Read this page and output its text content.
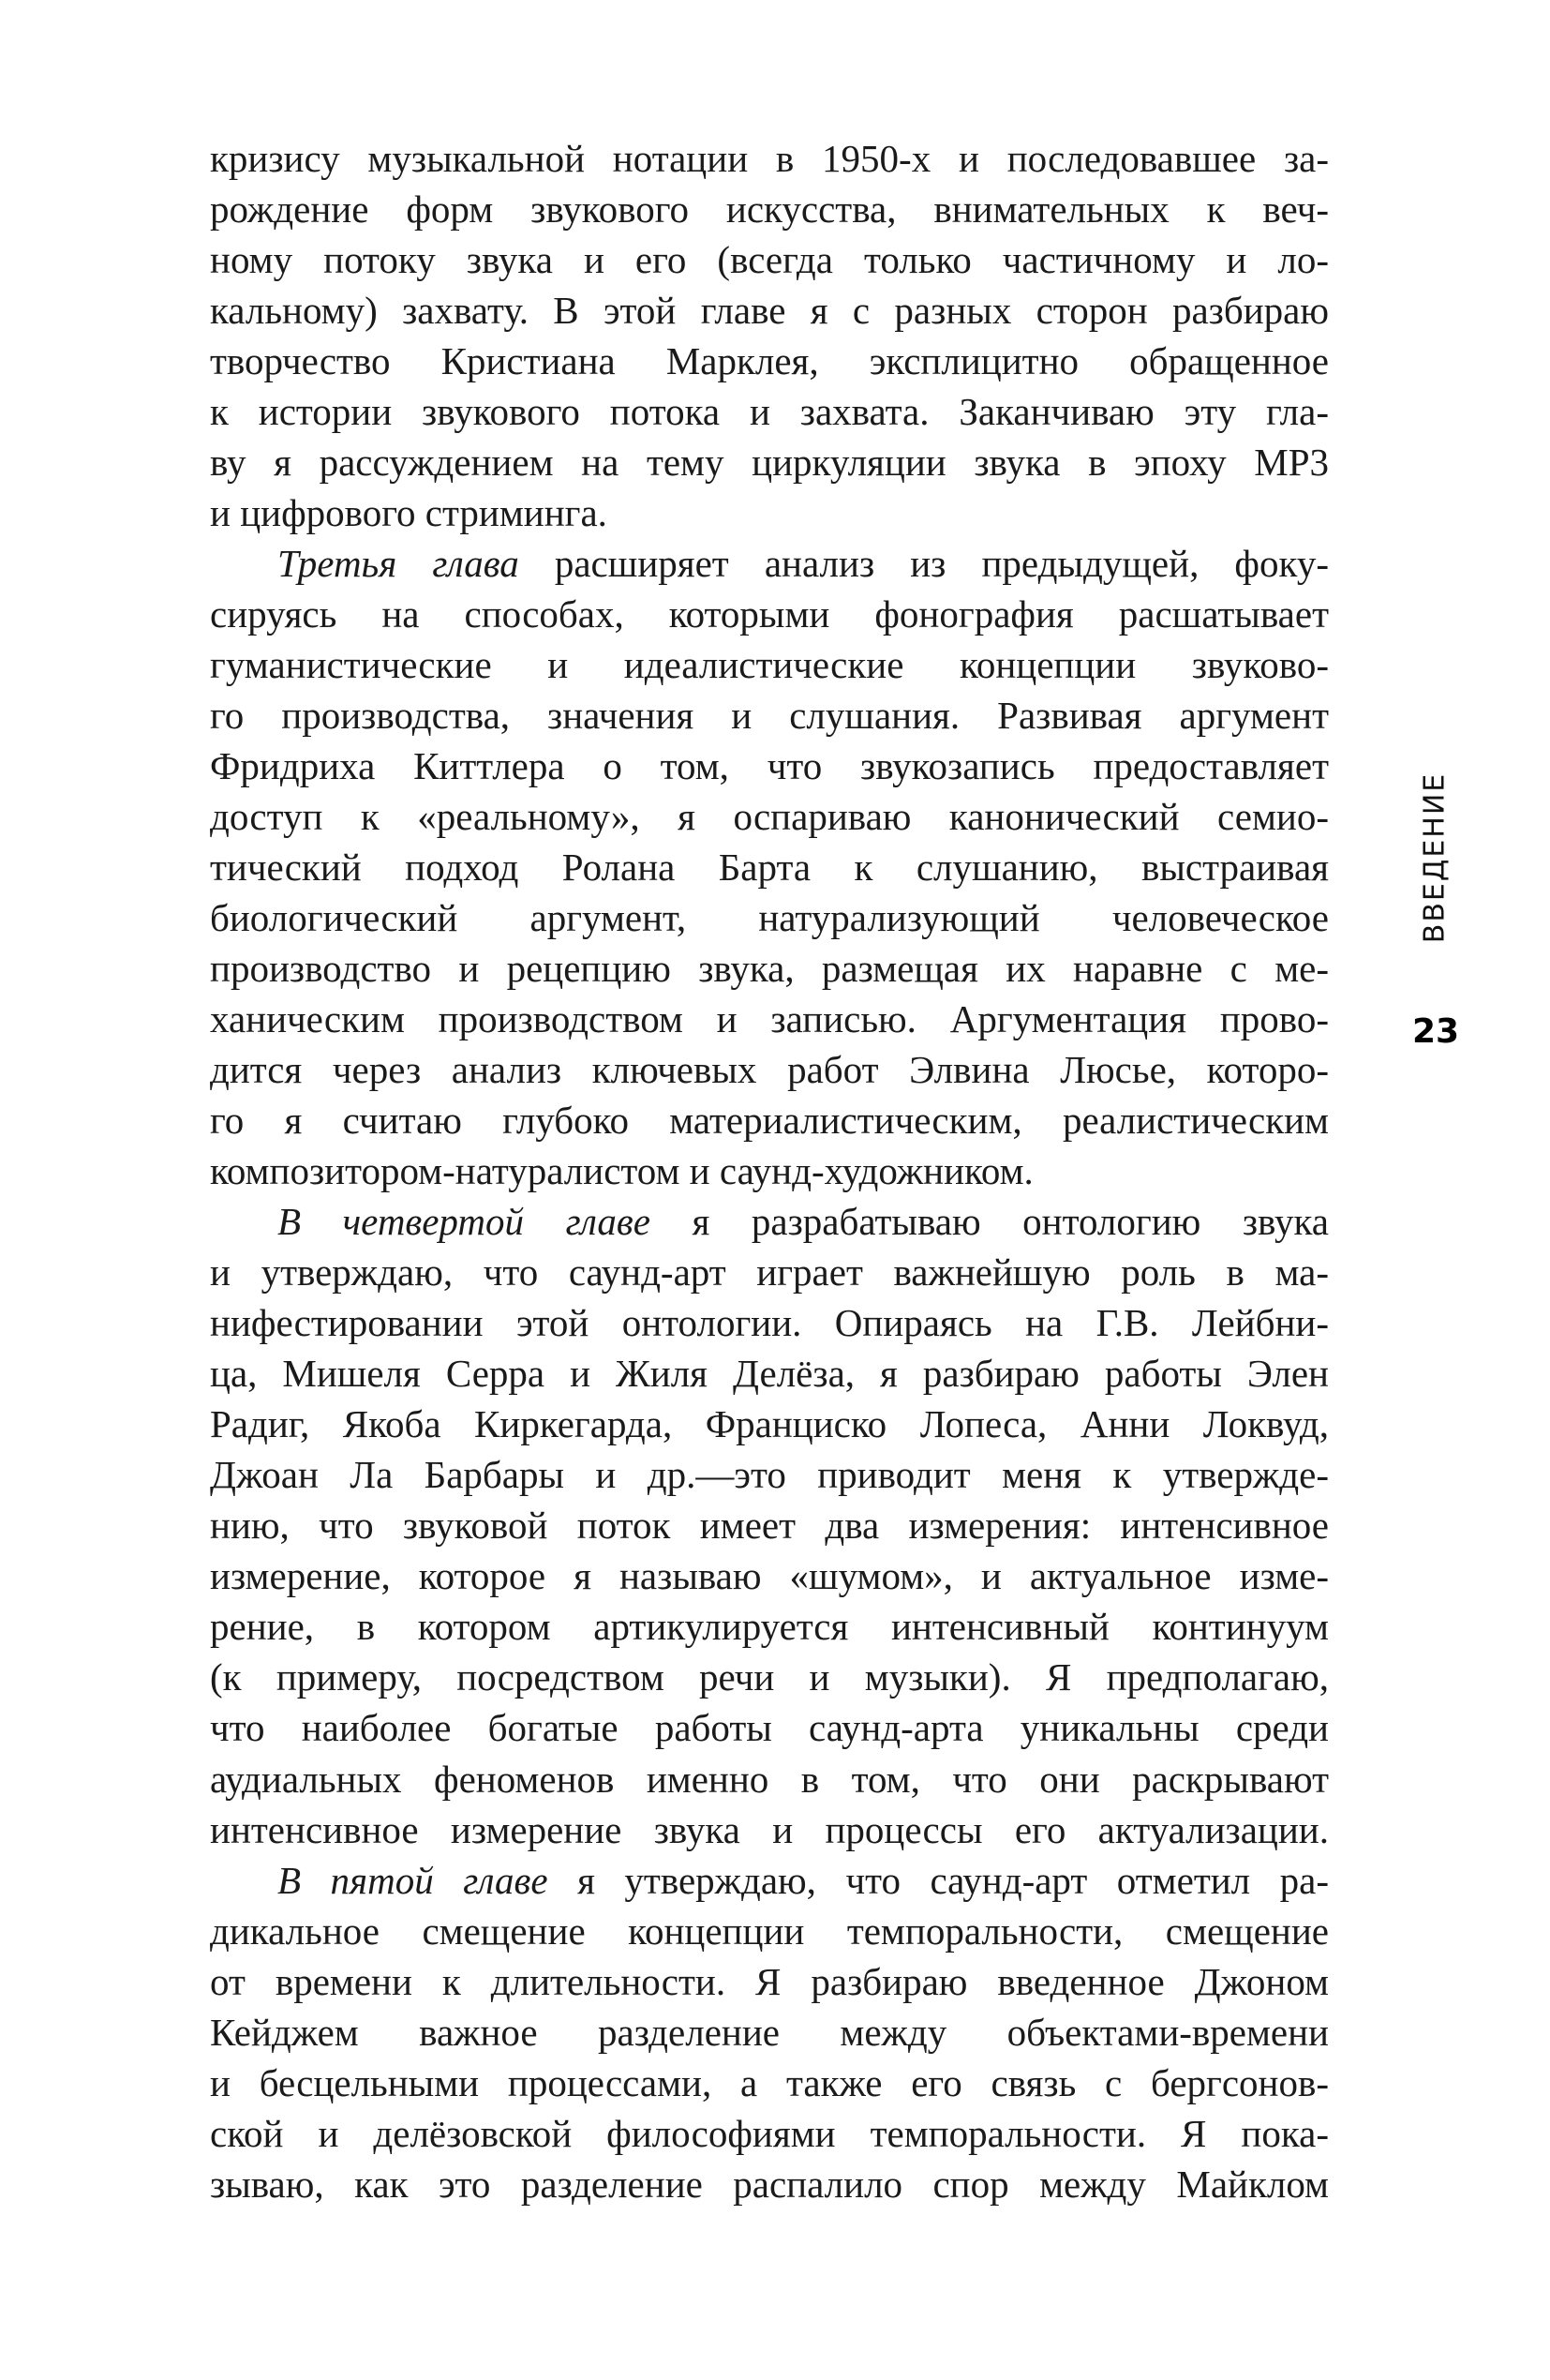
кризису музыкальной нотации в 1950-х и последовавшее за-
рождение форм звукового искусства, внимательных к веч-
ному потоку звука и его (всегда только частичному и ло-
кальному) захвату. В этой главе я с разных сторон разбираю
творчество Кристиана Марклея, эксплицитно обращенное
к истории звукового потока и захвата. Заканчиваю эту гла-
ву я рассуждением на тему циркуляции звука в эпоху MP3
и цифрового стриминга.
Третья глава расширяет анализ из предыдущей, фоку-
сируясь на способах, которыми фонография расшатывает
гуманистические и идеалистические концепции звуково-
го производства, значения и слушания. Развивая аргумент
Фридриха Киттлера о том, что звукозапись предоставляет
доступ к «реальному», я оспариваю канонический семио-
тический подход Ролана Барта к слушанию, выстраивая
биологический аргумент, натурализующий человеческое
производство и рецепцию звука, размещая их наравне с ме-
ханическим производством и записью. Аргументация прово-
дится через анализ ключевых работ Элвина Люсье, которо-
го я считаю глубоко материалистическим, реалистическим
композитором-натуралистом и саунд-художником.
В четвертой главе я разрабатываю онтологию звука
и утверждаю, что саунд-арт играет важнейшую роль в ма-
нифестировании этой онтологии. Опираясь на Г.В. Лейбни-
ца, Мишеля Серра и Жиля Делёза, я разбираю работы Элен
Радиг, Якоба Киркегарда, Франциско Лопеса, Анни Локвуд,
Джоан Ла Барбары и др.—это приводит меня к утвержде-
нию, что звуковой поток имеет два измерения: интенсивное
измерение, которое я называю «шумом», и актуальное изме-
рение, в котором артикулируется интенсивный континуум
(к примеру, посредством речи и музыки). Я предполагаю,
что наиболее богатые работы саунд-арта уникальны среди
аудиальных феноменов именно в том, что они раскрывают
интенсивное измерение звука и процессы его актуализации.
В пятой главе я утверждаю, что саунд-арт отметил ра-
дикальное смещение концепции темпоральности, смещение
от времени к длительности. Я разбираю введенное Джоном
Кейджем важное разделение между объектами-времени
и бесцельными процессами, а также его связь с бергсонов-
ской и делёзовской философиями темпоральности. Я пока-
зываю, как это разделение распалило спор между Майклом
ВВЕДЕНИЕ
23
